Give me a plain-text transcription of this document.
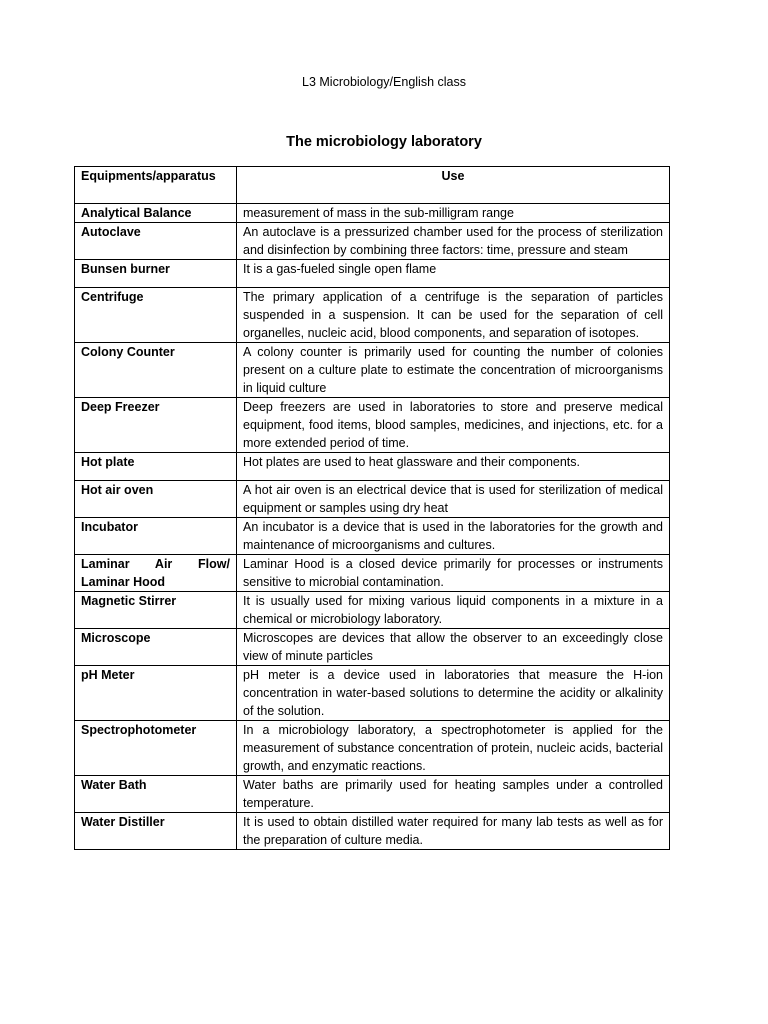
L3 Microbiology/English class
The microbiology laboratory
Equipments/apparatus	Use
Analytical Balance	measurement of mass in the sub-milligram range
Autoclave	An autoclave is a pressurized chamber used for the process of sterilization and disinfection by combining three factors: time, pressure and steam
Bunsen burner	It is a gas-fueled single open flame
Centrifuge	The primary application of a centrifuge is the separation of particles suspended in a suspension. It can be used for the separation of cell organelles, nucleic acid, blood components, and separation of isotopes.
Colony Counter	A colony counter is primarily used for counting the number of colonies present on a culture plate to estimate the concentration of microorganisms in liquid culture
Deep Freezer	Deep freezers are used in laboratories to store and preserve medical equipment, food items, blood samples, medicines, and injections, etc. for a more extended period of time.
Hot plate	Hot plates are used to heat glassware and their components.
Hot air oven	A hot air oven is an electrical device that is used for sterilization of medical equipment or samples using dry heat
Incubator	An incubator is a device that is used in the laboratories for the growth and maintenance of microorganisms and cultures.
Laminar Air Flow/ Laminar Hood	Laminar Hood is a closed device primarily for processes or instruments sensitive to microbial contamination.
Magnetic Stirrer	It is usually used for mixing various liquid components in a mixture in a chemical or microbiology laboratory.
Microscope	Microscopes are devices that allow the observer to an exceedingly close view of minute particles
pH Meter	pH meter is a device used in laboratories that measure the H-ion concentration in water-based solutions to determine the acidity or alkalinity of the solution.
Spectrophotometer	In a microbiology laboratory, a spectrophotometer is applied for the measurement of substance concentration of protein, nucleic acids, bacterial growth, and enzymatic reactions.
Water Bath	Water baths are primarily used for heating samples under a controlled temperature.
Water Distiller	It is used to obtain distilled water required for many lab tests as well as for the preparation of culture media.
